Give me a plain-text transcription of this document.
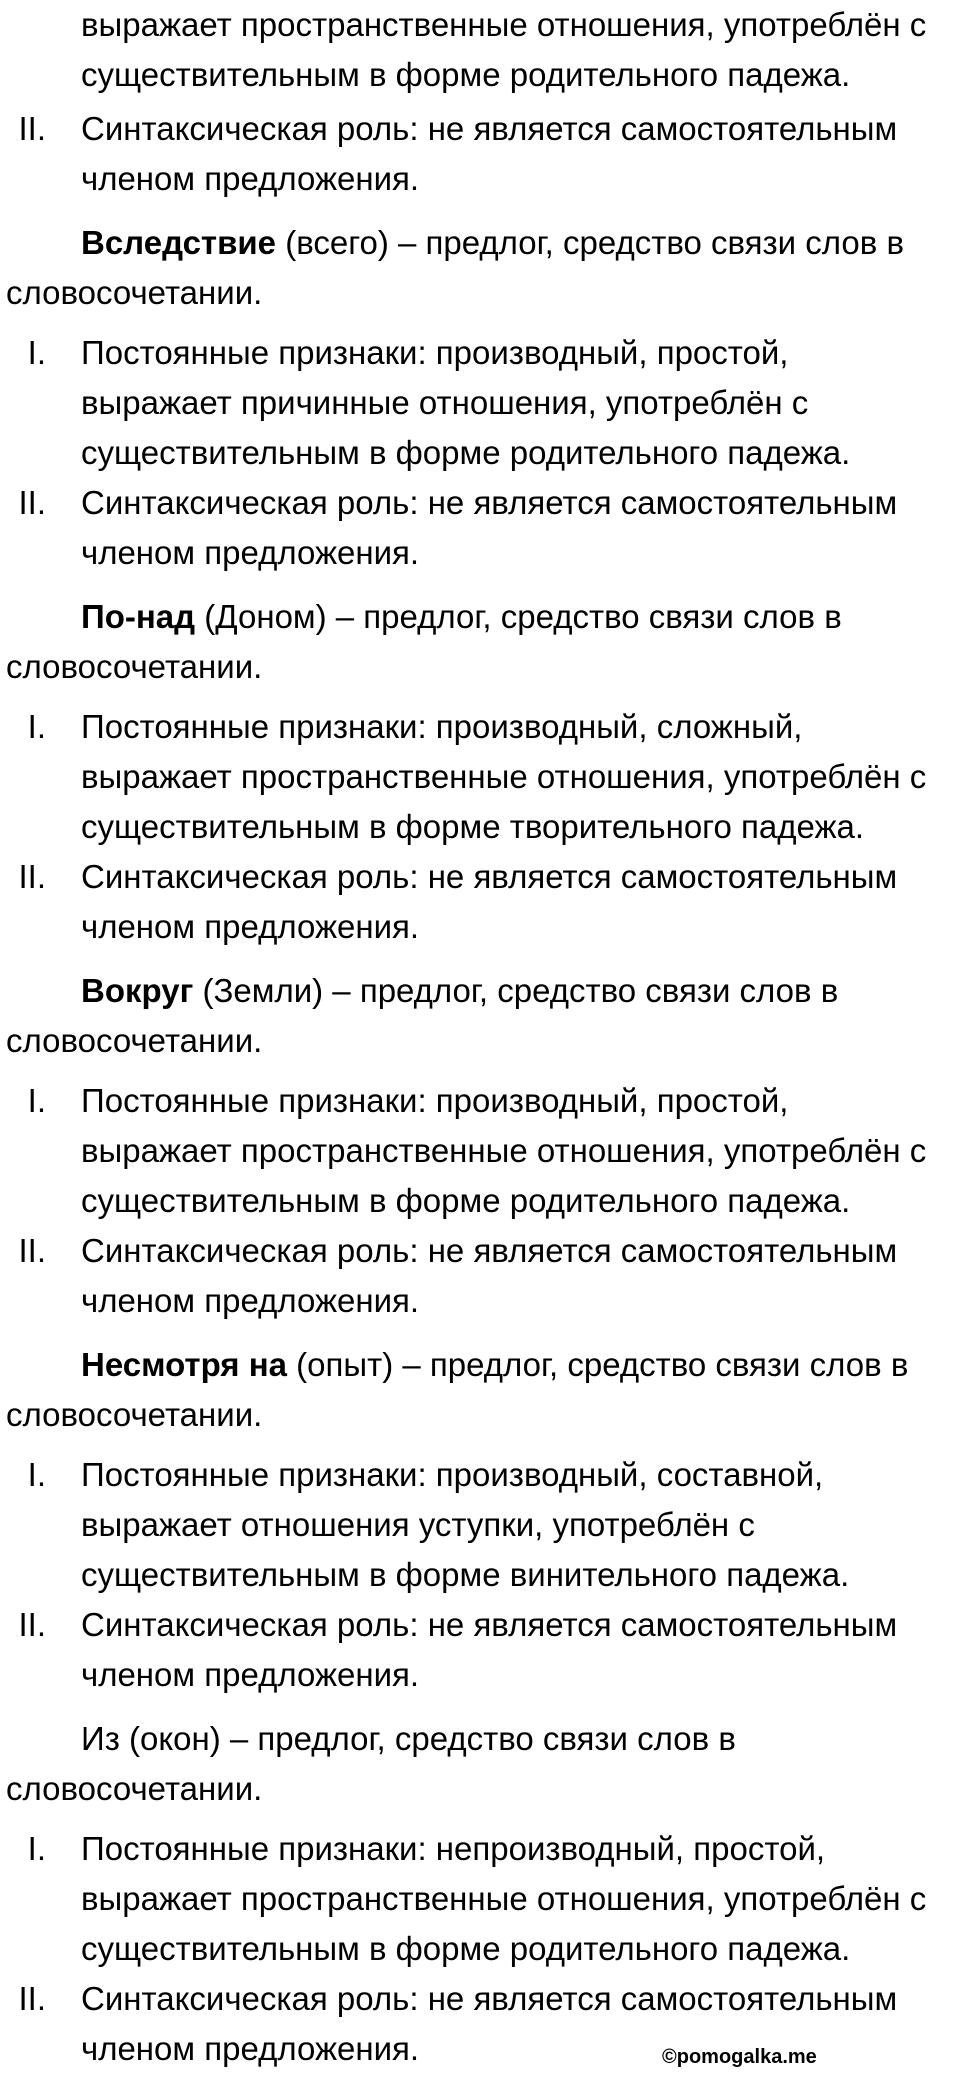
выражает пространственные отношения, употреблён с
существительным в форме родительного падежа.
II. Синтаксическая роль: не является самостоятельным
членом предложения.
Вследствие (всего) – предлог, средство связи слов в
словосочетании.
I. Постоянные признаки: производный, простой,
выражает причинные отношения, употреблён с
существительным в форме родительного падежа.
II. Синтаксическая роль: не является самостоятельным
членом предложения.
По-над (Доном) – предлог, средство связи слов в
словосочетании.
I. Постоянные признаки: производный, сложный,
выражает пространственные отношения, употреблён с
существительным в форме творительного падежа.
II. Синтаксическая роль: не является самостоятельным
членом предложения.
Вокруг (Земли) – предлог, средство связи слов в
словосочетании.
I. Постоянные признаки: производный, простой,
выражает пространственные отношения, употреблён с
существительным в форме родительного падежа.
II. Синтаксическая роль: не является самостоятельным
членом предложения.
Несмотря на (опыт) – предлог, средство связи слов в
словосочетании.
I. Постоянные признаки: производный, составной,
выражает отношения уступки, употреблён с
существительным в форме винительного падежа.
II. Синтаксическая роль: не является самостоятельным
членом предложения.
Из (окон) – предлог, средство связи слов в
словосочетании.
I. Постоянные признаки: непроизводный, простой,
выражает пространственные отношения, употреблён с
существительным в форме родительного падежа.
II. Синтаксическая роль: не является самостоятельным
членом предложения.	©pomogalka.me
